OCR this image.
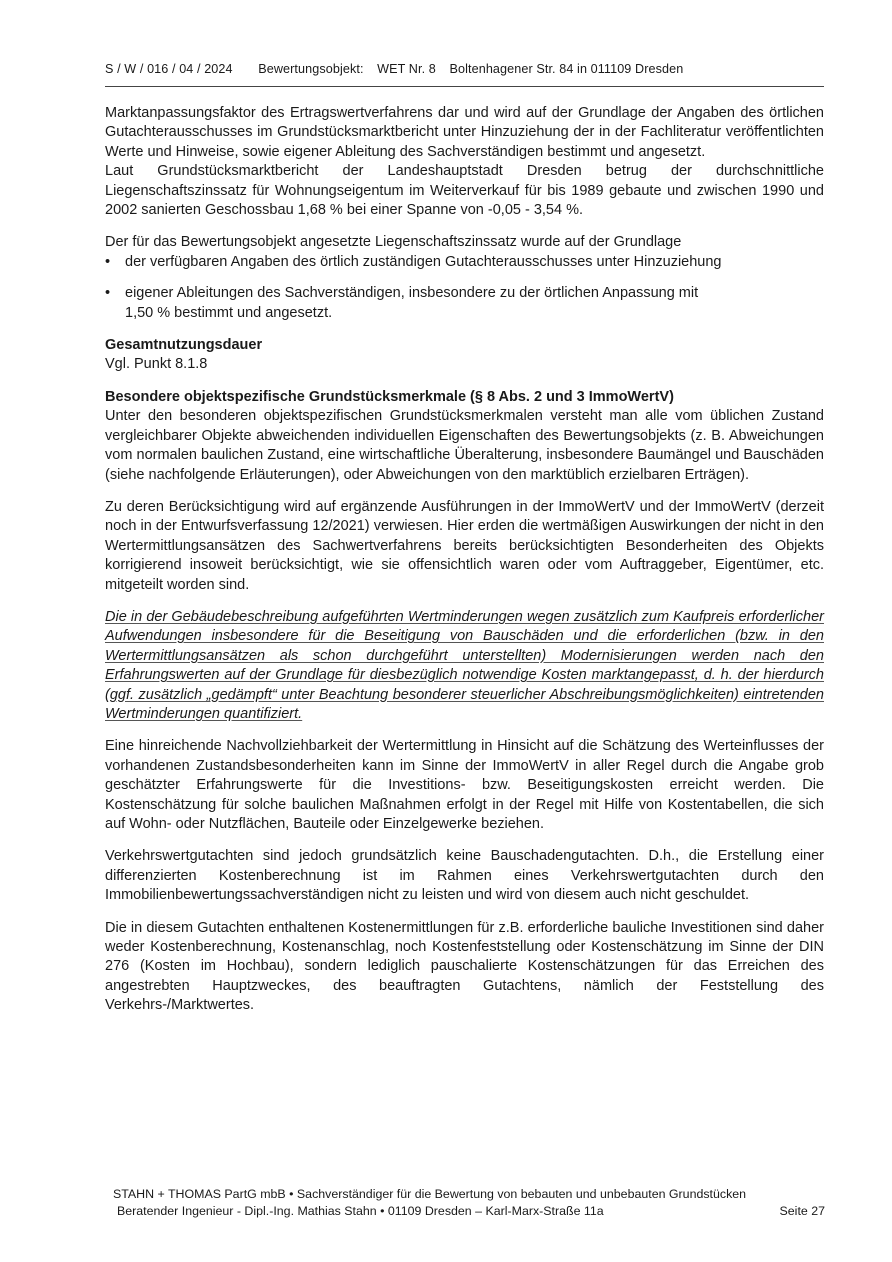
S / W / 016 / 04 / 2024 Bewertungsobjekt: WET Nr. 8 Boltenhagener Str. 84 in 011109 Dresden

Marktanpassungsfaktor des Ertragswertverfahrens dar und wird auf der Grundlage der Angaben des örtlichen Gutachterausschusses im Grundstücksmarktbericht unter Hinzuziehung der in der Fachliteratur veröffentlichten Werte und Hinweise, sowie eigener Ableitung des Sachverständigen bestimmt und angesetzt.

Laut Grundstücksmarktbericht der Landeshauptstadt Dresden betrug der durchschnittliche Liegenschaftszinssatz für Wohnungseigentum im Weiterverkauf für bis 1989 gebaute und zwischen 1990 und 2002 sanierten Geschossbau 1,68 % bei einer Spanne von -0,05 - 3,54 %.

Der für das Bewertungsobjekt angesetzte Liegenschaftszinssatz wurde auf der Grundlage

• der verfügbaren Angaben des örtlich zuständigen Gutachterausschusses unter Hinzuziehung
• eigener Ableitungen des Sachverständigen, insbesondere zu der örtlichen Anpassung mit

1,50 % bestimmt und angesetzt.

Gesamtnutzungsdauer

Vgl. Punkt 8.1.8

Besondere objektspezifische Grundstücksmerkmale (§ 8 Abs. 2 und 3 ImmoWertV)

Unter den besonderen objektspezifischen Grundstücksmerkmalen versteht man alle vom üblichen Zustand vergleichbarer Objekte abweichenden individuellen Eigenschaften des Bewertungsobjekts (z. B. Abweichungen vom normalen baulichen Zustand, eine wirtschaftliche Überalterung, insbesondere Baumängel und Bauschäden (siehe nachfolgende Erläuterungen), oder Abweichungen von den marktüblich erzielbaren Erträgen).

Zu deren Berücksichtigung wird auf ergänzende Ausführungen in der ImmoWertV und der ImmoWertV (derzeit noch in der Entwurfsverfassung 12/2021) verwiesen. Hier erden die wertmäßigen Auswirkungen der nicht in den Wertermittlungsansätzen des Sachwertverfahrens bereits berücksichtigten Besonderheiten des Objekts korrigierend insoweit berücksichtigt, wie sie offensichtlich waren oder vom Auftraggeber, Eigentümer, etc. mitgeteilt worden sind.

Die in der Gebäudebeschreibung aufgeführten Wertminderungen wegen zusätzlich zum Kaufpreis erforderlicher Aufwendungen insbesondere für die Beseitigung von Bauschäden und die erforderlichen (bzw. in den Wertermittlungsansätzen als schon durchgeführt unterstellten) Modernisierungen werden nach den Erfahrungswerten auf der Grundlage für diesbezüglich notwendige Kosten marktangepasst, d. h. der hierdurch (ggf. zusätzlich „gedämpft“ unter Beachtung besonderer steuerlicher Abschreibungsmöglichkeiten) eintretenden Wertminderungen quantifiziert.

Eine hinreichende Nachvollziehbarkeit der Wertermittlung in Hinsicht auf die Schätzung des Werteinflusses der vorhandenen Zustandsbesonderheiten kann im Sinne der ImmoWertV in aller Regel durch die Angabe grob geschätzter Erfahrungswerte für die Investitions- bzw. Beseitigungskosten erreicht werden. Die Kostenschätzung für solche baulichen Maßnahmen erfolgt in der Regel mit Hilfe von Kostentabellen, die sich auf Wohn- oder Nutzflächen, Bauteile oder Einzelgewerke beziehen.

Verkehrswertgutachten sind jedoch grundsätzlich keine Bauschadengutachten. D.h., die Erstellung einer differenzierten Kostenberechnung ist im Rahmen eines Verkehrswertgutachten durch den Immobilienbewertungssachverständigen nicht zu leisten und wird von diesem auch nicht geschuldet.

Die in diesem Gutachten enthaltenen Kostenermittlungen für z.B. erforderliche bauliche Investitionen sind daher weder Kostenberechnung, Kostenanschlag, noch Kostenfeststellung oder Kostenschätzung im Sinne der DIN 276 (Kosten im Hochbau), sondern lediglich pauschalierte Kostenschätzungen für das Erreichen des angestrebten Hauptzweckes, des beauftragten Gutachtens, nämlich der Feststellung des Verkehrs-/Marktwertes.

STAHN + THOMAS PartG mbB • Sachverständiger für die Bewertung von bebauten und unbebauten Grundstücken
Beratender Ingenieur - Dipl.-Ing. Mathias Stahn • 01109 Dresden – Karl-Marx-Straße 11a	Seite 27
